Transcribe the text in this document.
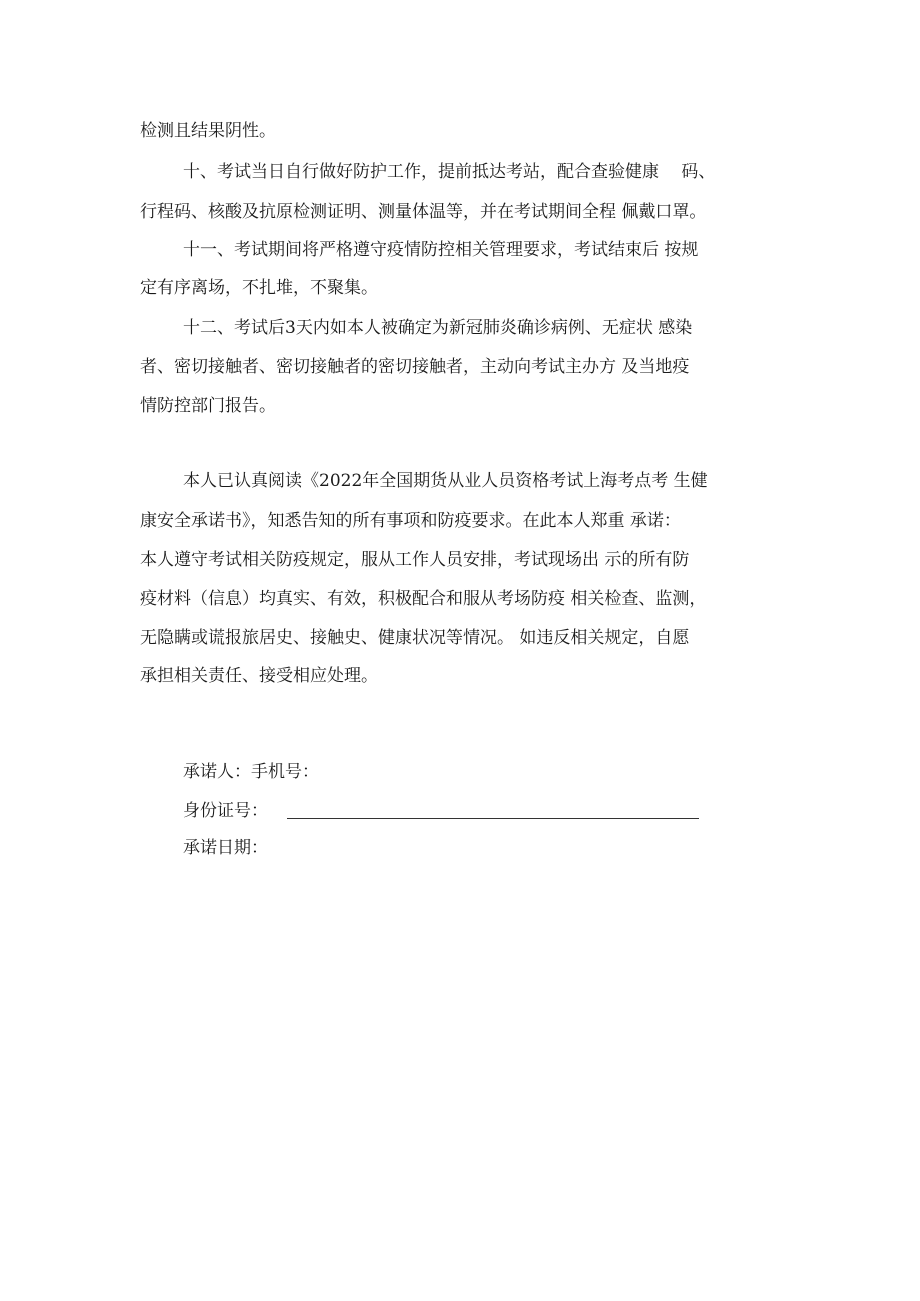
检测且结果阴性。
十、考试当日自行做好防护工作，提前抵达考站，配合查验健康　 码、
行程码、核酸及抗原检测证明、测量体温等，并在考试期间全程 佩戴口罩。
十一、考试期间将严格遵守疫情防控相关管理要求，考试结束后 按规
定有序离场，不扎堆，不聚集。
十二、考试后3天内如本人被确定为新冠肺炎确诊病例、无症状 感染
者、密切接触者、密切接触者的密切接触者，主动向考试主办方 及当地疫
情防控部门报告。
本人已认真阅读《2022年全国期货从业人员资格考试上海考点考 生健
康安全承诺书》，知悉告知的所有事项和防疫要求。在此本人郑重 承诺：
本人遵守考试相关防疫规定，服从工作人员安排，考试现场出 示的所有防
疫材料（信息）均真实、有效，积极配合和服从考场防疫 相关检查、监测，
无隐瞒或谎报旅居史、接触史、健康状况等情况。 如违反相关规定，自愿
承担相关责任、接受相应处理。
承诺人：手机号：
身份证号：
承诺日期：
